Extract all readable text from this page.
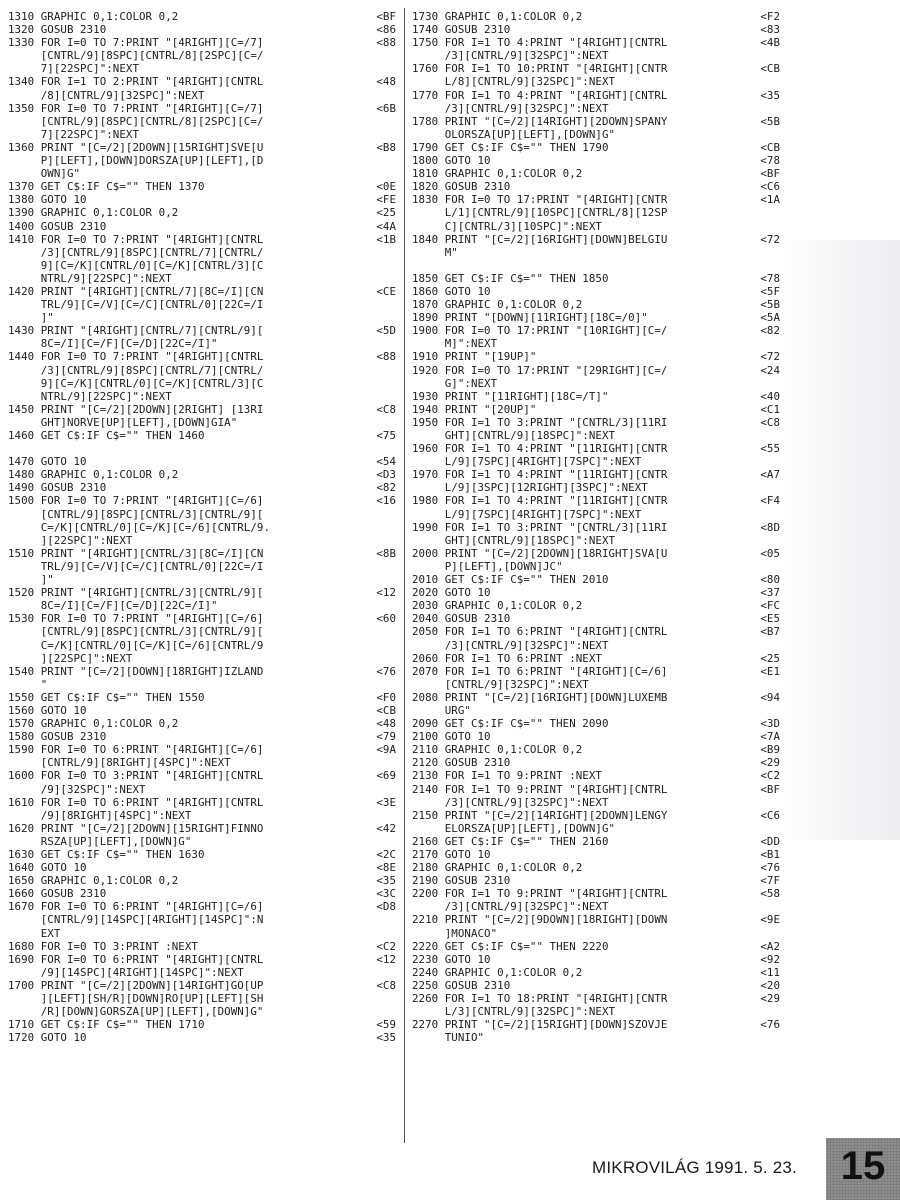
1310 GRAPHIC 0,1:COLOR 0,2	<BF
1320 GOSUB 2310	<86
1330 FOR I=0 TO 7:PRINT "[4RIGHT][C=/7]	<88
[CNTRL/9][8SPC][CNTRL/8][2SPC][C=/
7][22SPC]":NEXT
1340 FOR I=1 TO 2:PRINT "[4RIGHT][CNTRL	<48
/8][CNTRL/9][32SPC]":NEXT
1350 FOR I=0 TO 7:PRINT "[4RIGHT][C=/7]	<6B
[CNTRL/9][8SPC][CNTRL/8][2SPC][C=/
7][22SPC]":NEXT
1360 PRINT "[C=/2][2DOWN][15RIGHT]SVE[U	<B8
P][LEFT],[DOWN]DORSZA[UP][LEFT],[D
OWN]G"
1370 GET C$:IF C$="" THEN 1370	<0E
1380 GOTO 10	<FE
1390 GRAPHIC 0,1:COLOR 0,2	<25
1400 GOSUB 2310	<4A
1410 FOR I=0 TO 7:PRINT "[4RIGHT][CNTRL	<1B
/3][CNTRL/9][8SPC][CNTRL/7][CNTRL/
9][C=/K][CNTRL/0][C=/K][CNTRL/3][C
NTRL/9][22SPC]":NEXT
1420 PRINT "[4RIGHT][CNTRL/7][8C=/I][CN	<CE
TRL/9][C=/V][C=/C][CNTRL/0][22C=/I
]"
1430 PRINT "[4RIGHT][CNTRL/7][CNTRL/9][	<5D
8C=/I][C=/F][C=/D][22C=/I]"
1440 FOR I=0 TO 7:PRINT "[4RIGHT][CNTRL	<88
/3][CNTRL/9][8SPC][CNTRL/7][CNTRL/
9][C=/K][CNTRL/0][C=/K][CNTRL/3][C
NTRL/9][22SPC]":NEXT
1450 PRINT "[C=/2][2DOWN][2RIGHT] [13RI	<C8
GHT]NORVE[UP][LEFT],[DOWN]GIA"
1460 GET C$:IF C$="" THEN 1460	<75
1470 GOTO 10	<54
1480 GRAPHIC 0,1:COLOR 0,2	<D3
1490 GOSUB 2310	<82
1500 FOR I=0 TO 7:PRINT "[4RIGHT][C=/6]	<16
[CNTRL/9][8SPC][CNTRL/3][CNTRL/9][
C=/K][CNTRL/0][C=/K][C=/6][CNTRL/9.
][22SPC]":NEXT
1510 PRINT "[4RIGHT][CNTRL/3][8C=/I][CN	<8B
TRL/9][C=/V][C=/C][CNTRL/0][22C=/I
]"
1520 PRINT "[4RIGHT][CNTRL/3][CNTRL/9][	<12
8C=/I][C=/F][C=/D][22C=/I]"
1530 FOR I=0 TO 7:PRINT "[4RIGHT][C=/6]	<60
[CNTRL/9][8SPC][CNTRL/3][CNTRL/9][
C=/K][CNTRL/0][C=/K][C=/6][CNTRL/9
][22SPC]":NEXT
1540 PRINT "[C=/2][DOWN][18RIGHT]IZLAND	<76
"
1550 GET C$:IF C$="" THEN 1550	<F0
1560 GOTO 10	<CB
1570 GRAPHIC 0,1:COLOR 0,2	<48
1580 GOSUB 2310	<79
1590 FOR I=0 TO 6:PRINT "[4RIGHT][C=/6]	<9A
[CNTRL/9][8RIGHT][4SPC]":NEXT
1600 FOR I=0 TO 3:PRINT "[4RIGHT][CNTRL	<69
/9][32SPC]":NEXT
1610 FOR I=0 TO 6:PRINT "[4RIGHT][CNTRL	<3E
/9][8RIGHT][4SPC]":NEXT
1620 PRINT "[C=/2][2DOWN][15RIGHT]FINNO	<42
RSZA[UP][LEFT],[DOWN]G"
1630 GET C$:IF C$="" THEN 1630	<2C
1640 GOTO 10	<8E
1650 GRAPHIC 0,1:COLOR 0,2	<35
1660 GOSUB 2310	<3C
1670 FOR I=0 TO 6:PRINT "[4RIGHT][C=/6]	<D8
[CNTRL/9][14SPC][4RIGHT][14SPC]":N
EXT
1680 FOR I=0 TO 3:PRINT :NEXT	<C2
1690 FOR I=0 TO 6:PRINT "[4RIGHT][CNTRL	<12
/9][14SPC][4RIGHT][14SPC]":NEXT
1700 PRINT "[C=/2][2DOWN][14RIGHT]GO[UP	<C8
][LEFT][SH/R][DOWN]RO[UP][LEFT][SH
/R][DOWN]GORSZA[UP][LEFT],[DOWN]G"
1710 GET C$:IF C$="" THEN 1710	<59
1720 GOTO 10	<35
1730 GRAPHIC 0,1:COLOR 0,2	<F2
1740 GOSUB 2310	<83
1750 FOR I=1 TO 4:PRINT "[4RIGHT][CNTRL	<4B
/3][CNTRL/9][32SPC]":NEXT
1760 FOR I=1 TO 10:PRINT "[4RIGHT][CNTR	<CB
L/8][CNTRL/9][32SPC]":NEXT
1770 FOR I=1 TO 4:PRINT "[4RIGHT][CNTRL	<35
/3][CNTRL/9][32SPC]":NEXT
1780 PRINT "[C=/2][14RIGHT][2DOWN]SPANY	<5B
OLORSZA[UP][LEFT],[DOWN]G"
1790 GET C$:IF C$="" THEN 1790	<CB
1800 GOTO 10	<78
1810 GRAPHIC 0,1:COLOR 0,2	<BF
1820 GOSUB 2310	<C6
1830 FOR I=0 TO 17:PRINT "[4RIGHT][CNTR	<1A
L/1][CNTRL/9][10SPC][CNTRL/8][12SP
C][CNTRL/3][10SPC]":NEXT
1840 PRINT "[C=/2][16RIGHT][DOWN]BELGIU	<72
M"
1850 GET C$:IF C$="" THEN 1850	<78
1860 GOTO 10	<5F
1870 GRAPHIC 0,1:COLOR 0,2	<5B
1890 PRINT "[DOWN][11RIGHT][18C=/0]"	<5A
1900 FOR I=0 TO 17:PRINT "[10RIGHT][C=/	<82
M]":NEXT
1910 PRINT "[19UP]"	<72
1920 FOR I=0 TO 17:PRINT "[29RIGHT][C=/	<24
G]":NEXT
1930 PRINT "[11RIGHT][18C=/T]"	<40
1940 PRINT "[20UP]"	<C1
1950 FOR I=1 TO 3:PRINT "[CNTRL/3][11RI	<C8
GHT][CNTRL/9][18SPC]":NEXT
1960 FOR I=1 TO 4:PRINT "[11RIGHT][CNTR	<55
L/9][7SPC][4RIGHT][7SPC]":NEXT
1970 FOR I=1 TO 4:PRINT "[11RIGHT][CNTR	<A7
L/9][3SPC][12RIGHT][3SPC]":NEXT
1980 FOR I=1 TO 4:PRINT "[11RIGHT][CNTR	<F4
L/9][7SPC][4RIGHT][7SPC]":NEXT
1990 FOR I=1 TO 3:PRINT "[CNTRL/3][11RI	<8D
GHT][CNTRL/9][18SPC]":NEXT
2000 PRINT "[C=/2][2DOWN][18RIGHT]SVA[U	<05
P][LEFT],[DOWN]JC"
2010 GET C$:IF C$="" THEN 2010	<80
2020 GOTO 10	<37
2030 GRAPHIC 0,1:COLOR 0,2	<FC
2040 GOSUB 2310	<E5
2050 FOR I=1 TO 6:PRINT "[4RIGHT][CNTRL	<B7
/3][CNTRL/9][32SPC]":NEXT
2060 FOR I=1 TO 6:PRINT :NEXT	<25
2070 FOR I=1 TO 6:PRINT "[4RIGHT][C=/6]	<E1
[CNTRL/9][32SPC]":NEXT
2080 PRINT "[C=/2][16RIGHT][DOWN]LUXEMB	<94
URG"
2090 GET C$:IF C$="" THEN 2090	<3D
2100 GOTO 10	<7A
2110 GRAPHIC 0,1:COLOR 0,2	<B9
2120 GOSUB 2310	<29
2130 FOR I=1 TO 9:PRINT :NEXT	<C2
2140 FOR I=1 TO 9:PRINT "[4RIGHT][CNTRL	<BF
/3][CNTRL/9][32SPC]":NEXT
2150 PRINT "[C=/2][14RIGHT][2DOWN]LENGY	<C6
ELORSZA[UP][LEFT],[DOWN]G"
2160 GET C$:IF C$="" THEN 2160	<DD
2170 GOTO 10	<B1
2180 GRAPHIC 0,1:COLOR 0,2	<76
2190 GOSUB 2310	<7F
2200 FOR I=1 TO 9:PRINT "[4RIGHT][CNTRL	<58
/3][CNTRL/9][32SPC]":NEXT
2210 PRINT "[C=/2][9DOWN][18RIGHT][DOWN	<9E
]MONACO"
2220 GET C$:IF C$="" THEN 2220	<A2
2230 GOTO 10	<92
2240 GRAPHIC 0,1:COLOR 0,2	<11
2250 GOSUB 2310	<20
2260 FOR I=1 TO 18:PRINT "[4RIGHT][CNTR	<29
L/3][CNTRL/9][32SPC]":NEXT
2270 PRINT "[C=/2][15RIGHT][DOWN]SZOVJE	<76
TUNIO"
MIKROVILÁG 1991. 5. 23.	15
